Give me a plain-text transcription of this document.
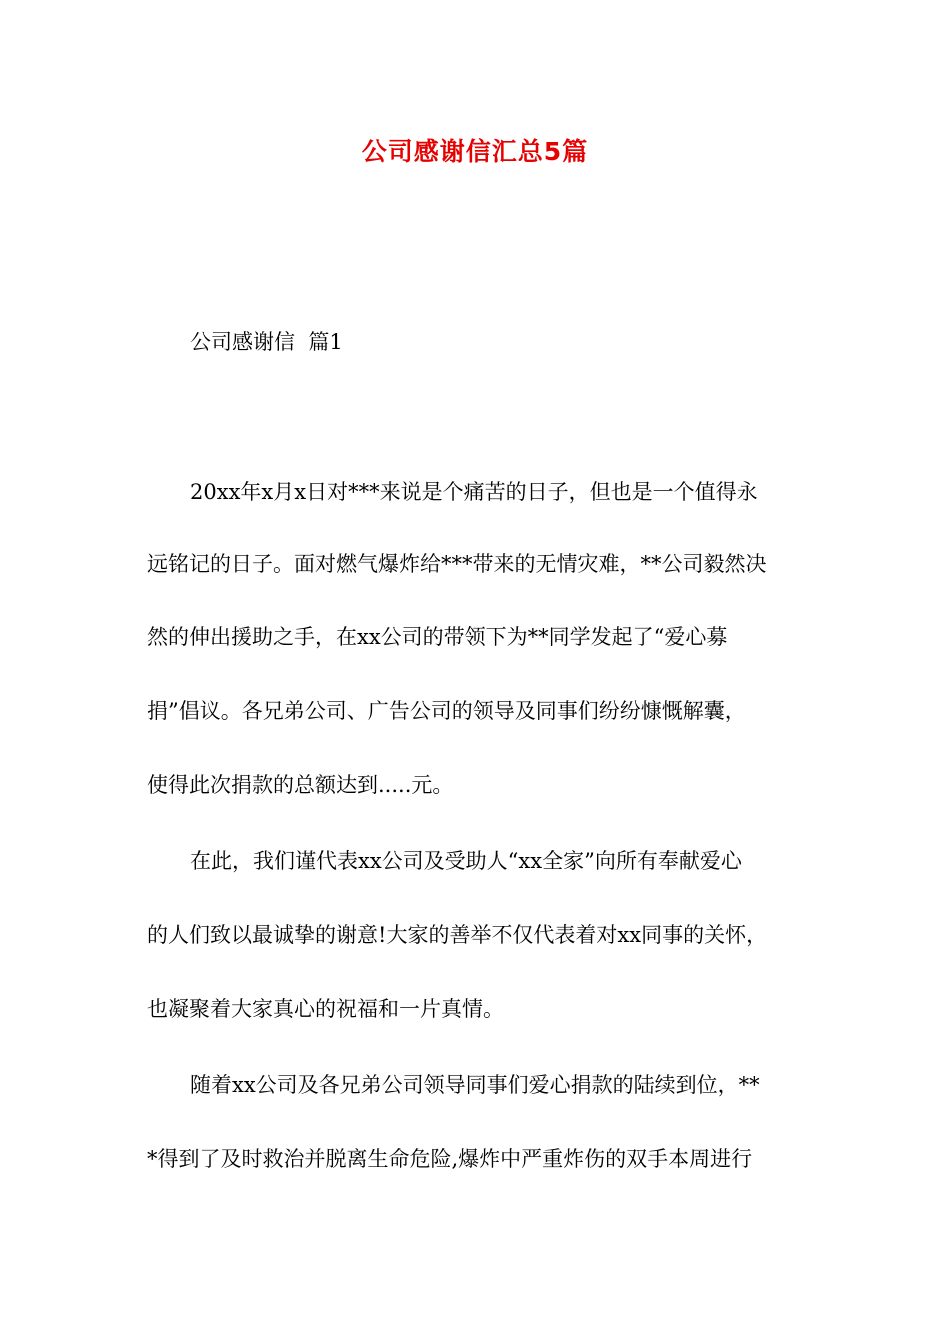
公司感谢信汇总5篇
公司感谢信  篇1
20xx年x月x日对***来说是个痛苦的日子，但也是一个值得永
远铭记的日子。面对燃气爆炸给***带来的无情灾难，**公司毅然决
然的伸出援助之手，在xx公司的带领下为**同学发起了“爱心募
捐”倡议。各兄弟公司、广告公司的领导及同事们纷纷慷慨解囊，
使得此次捐款的总额达到.....元。
在此，我们谨代表xx公司及受助人“xx全家”向所有奉献爱心
的人们致以最诚挚的谢意!大家的善举不仅代表着对xx同事的关怀，
也凝聚着大家真心的祝福和一片真情。
随着xx公司及各兄弟公司领导同事们爱心捐款的陆续到位，**
*得到了及时救治并脱离生命危险,爆炸中严重炸伤的双手本周进行
